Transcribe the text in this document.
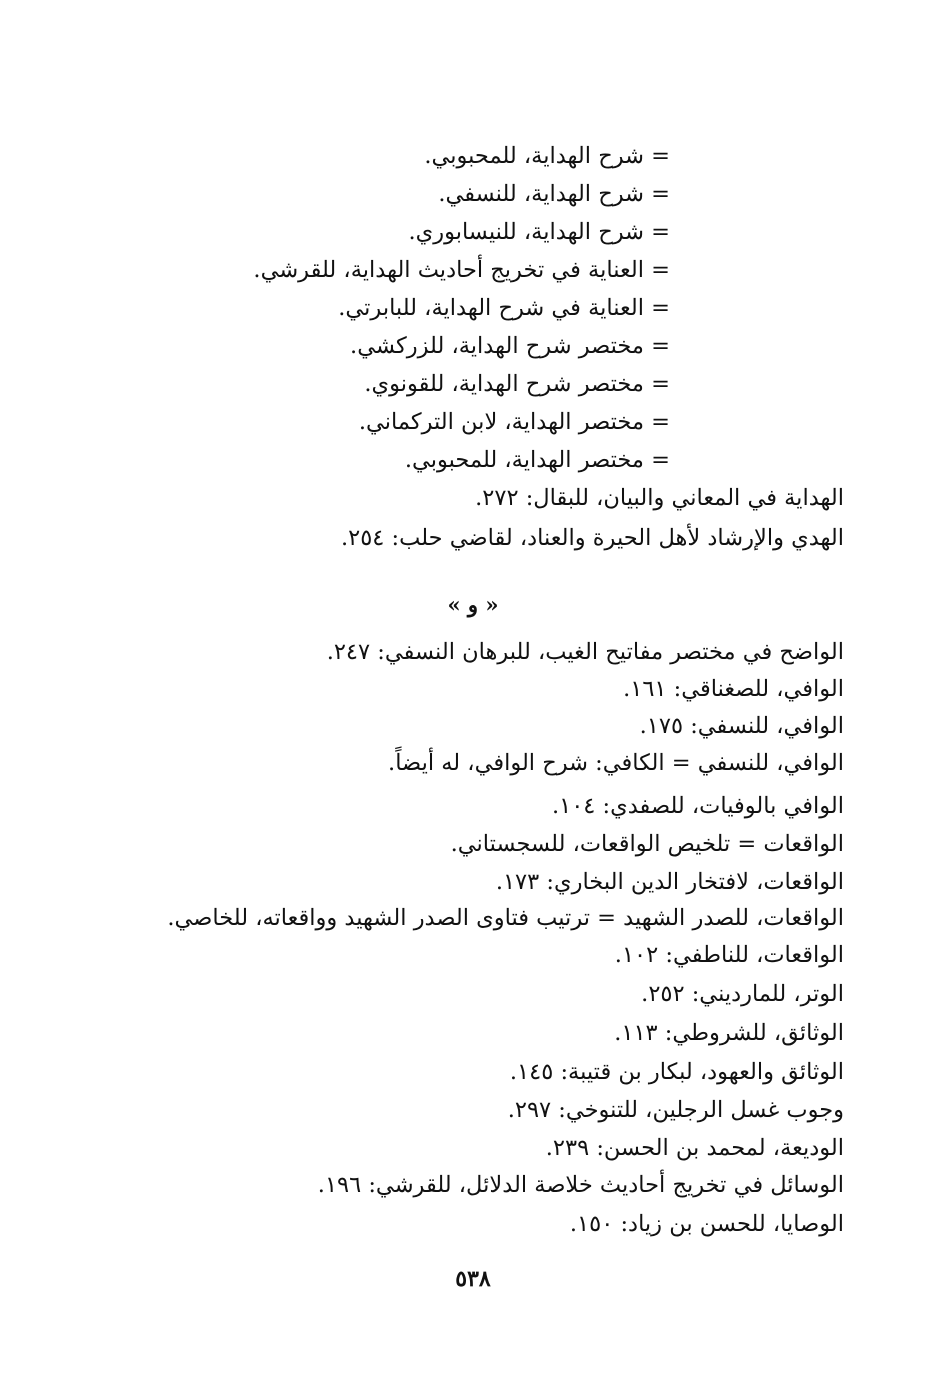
= شرح الهداية، للمحبوبي.
= شرح الهداية، للنسفي.
= شرح الهداية، للنيسابوري.
= العناية في تخريج أحاديث الهداية، للقرشي.
= العناية في شرح الهداية، للبابرتي.
= مختصر شرح الهداية، للزركشي.
= مختصر شرح الهداية، للقونوي.
= مختصر الهداية، لابن التركماني.
= مختصر الهداية، للمحبوبي.
الهداية في المعاني والبيان، للبقال: ٢٧٢.
الهدي والإرشاد لأهل الحيرة والعناد، لقاضي حلب: ٢٥٤.
« و »
الواضح في مختصر مفاتيح الغيب، للبرهان النسفي: ٢٤٧.
الوافي، للصغناقي: ١٦١.
الوافي، للنسفي: ١٧٥.
الوافي، للنسفي = الكافي: شرح الوافي، له أيضاً.
الوافي بالوفيات، للصفدي: ١٠٤.
الواقعات = تلخيص الواقعات، للسجستاني.
الواقعات، لافتخار الدين البخاري: ١٧٣.
الواقعات، للصدر الشهيد = ترتيب فتاوى الصدر الشهيد وواقعاته، للخاصي.
الواقعات، للناطفي: ١٠٢.
الوتر، للمارديني: ٢٥٢.
الوثائق، للشروطي: ١١٣.
الوثائق والعهود، لبكار بن قتيبة: ١٤٥.
وجوب غسل الرجلين، للتنوخي: ٢٩٧.
الوديعة، لمحمد بن الحسن: ٢٣٩.
الوسائل في تخريج أحاديث خلاصة الدلائل، للقرشي: ١٩٦.
الوصايا، للحسن بن زياد: ١٥٠.
٥٣٨
